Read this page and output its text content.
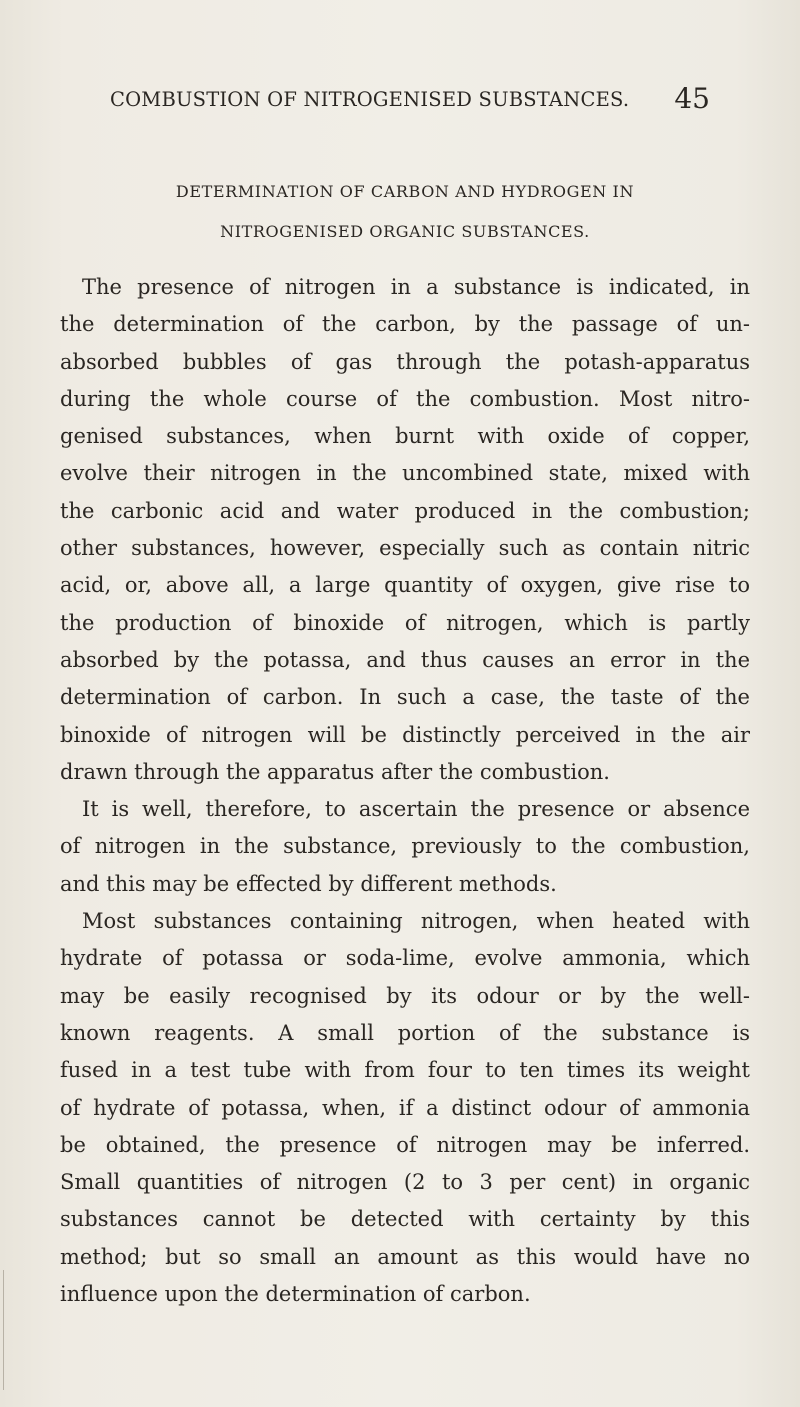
COMBUSTION OF NITROGENISED SUBSTANCES. 45
DETERMINATION OF CARBON AND HYDROGEN IN
NITROGENISED ORGANIC SUBSTANCES.
The presence of nitrogen in a substance is indicated, in
the determination of the carbon, by the passage of un-
absorbed bubbles of gas through the potash-apparatus
during the whole course of the combustion. Most nitro-
genised substances, when burnt with oxide of copper,
evolve their nitrogen in the uncombined state, mixed with
the carbonic acid and water produced in the combustion;
other substances, however, especially such as contain nitric
acid, or, above all, a large quantity of oxygen, give rise to
the production of binoxide of nitrogen, which is partly
absorbed by the potassa, and thus causes an error in the
determination of carbon. In such a case, the taste of the
binoxide of nitrogen will be distinctly perceived in the air
drawn through the apparatus after the combustion.
It is well, therefore, to ascertain the presence or absence
of nitrogen in the substance, previously to the combustion,
and this may be effected by different methods.
Most substances containing nitrogen, when heated with
hydrate of potassa or soda-lime, evolve ammonia, which
may be easily recognised by its odour or by the well-
known reagents. A small portion of the substance is
fused in a test tube with from four to ten times its weight
of hydrate of potassa, when, if a distinct odour of ammonia
be obtained, the presence of nitrogen may be inferred.
Small quantities of nitrogen (2 to 3 per cent) in organic
substances cannot be detected with certainty by this
method; but so small an amount as this would have no
influence upon the determination of carbon.
